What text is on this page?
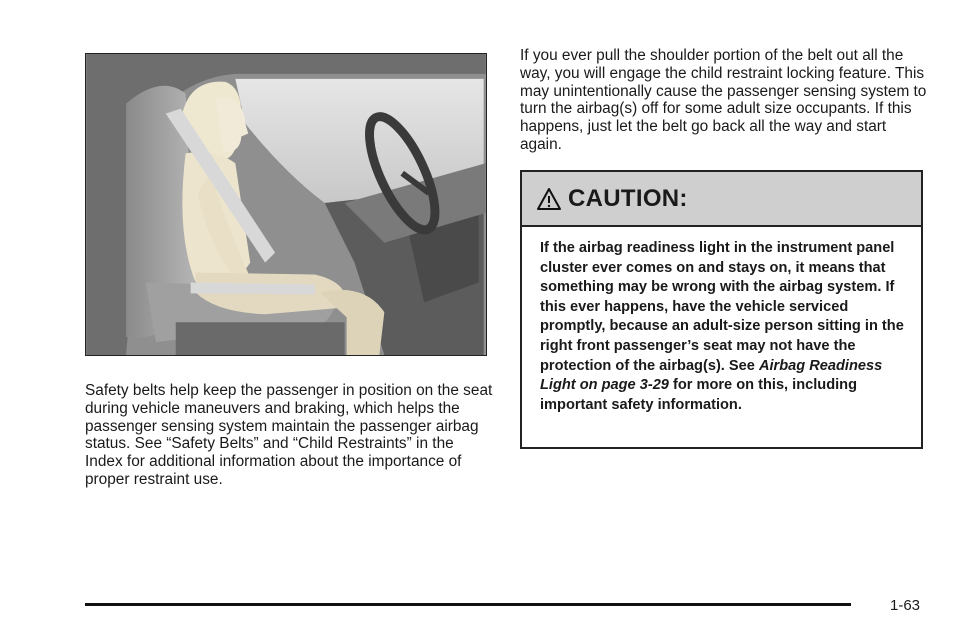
Safety belts help keep the passenger in position on the seat during vehicle maneuvers and braking, which helps the passenger sensing system maintain the passenger airbag status. See “Safety Belts” and “Child Restraints” in the Index for additional information about the importance of proper restraint use.

If you ever pull the shoulder portion of the belt out all the way, you will engage the child restraint locking feature. This may unintentionally cause the passenger sensing system to turn the airbag(s) off for some adult size occupants. If this happens, just let the belt go back all the way and start again.

CAUTION:

If the airbag readiness light in the instrument panel cluster ever comes on and stays on, it means that something may be wrong with the airbag system. If this ever happens, have the vehicle serviced promptly, because an adult-size person sitting in the right front passenger’s seat may not have the protection of the airbag(s). See Airbag Readiness Light on page 3-29 for more on this, including important safety information.

1-63
